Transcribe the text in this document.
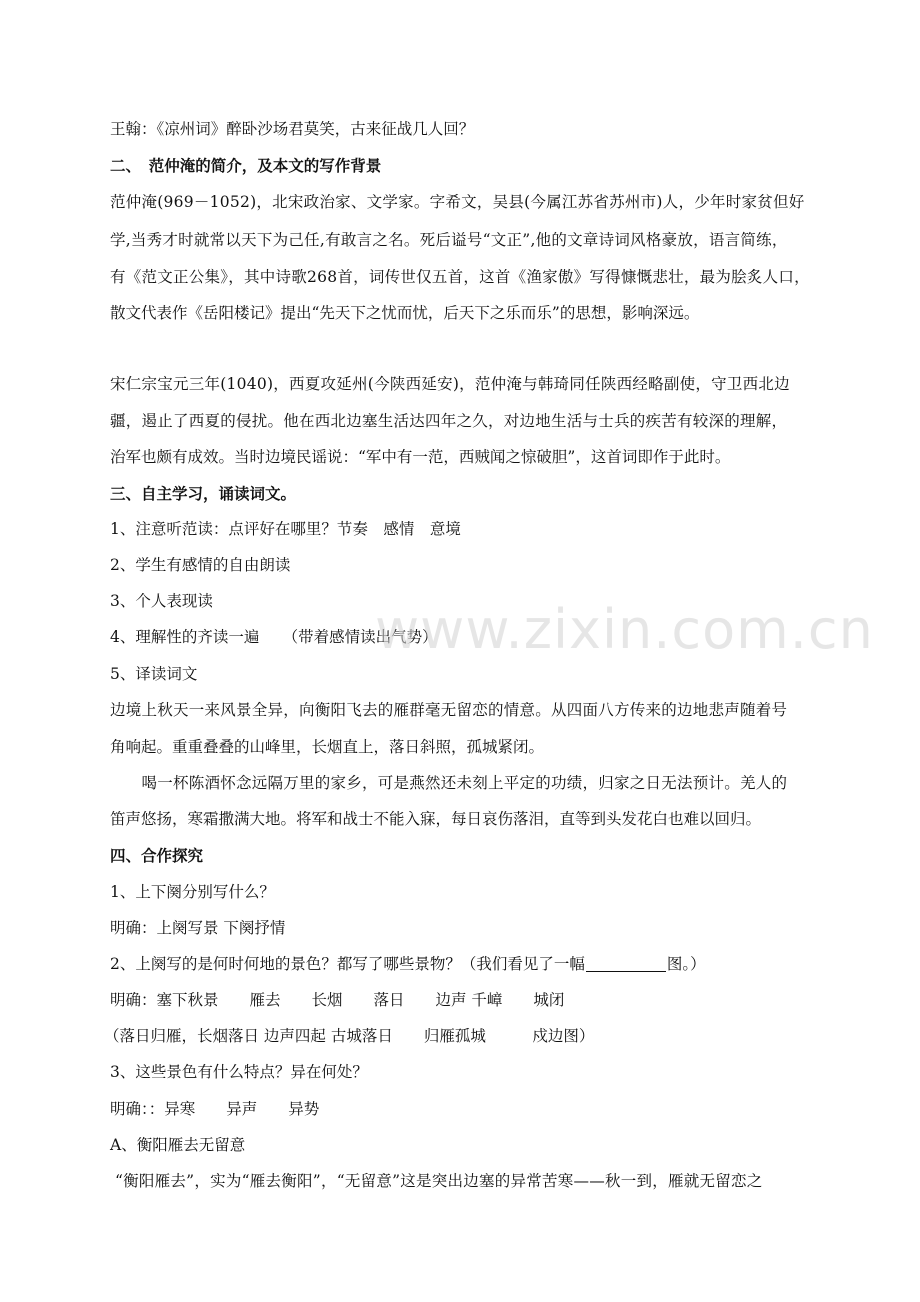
王翰：《凉州词》醉卧沙场君莫笑，古来征战几人回？

二、　范仲淹的简介，及本文的写作背景

范仲淹(969－1052)，北宋政治家、文学家。字希文，吴县(今属江苏省苏州市)人，少年时家贫但好

学,当秀才时就常以天下为己任,有敢言之名。死后谥号“文正”,他的文章诗词风格豪放，语言简练，

有《范文正公集》，其中诗歌268首，词传世仅五首，这首《渔家傲》写得慷慨悲壮，最为脍炙人口，

散文代表作《岳阳楼记》提出“先天下之忧而忧，后天下之乐而乐”的思想，影响深远。

宋仁宗宝元三年(1040)，西夏攻延州(今陕西延安)，范仲淹与韩琦同任陕西经略副使，守卫西北边

疆，遏止了西夏的侵扰。他在西北边塞生活达四年之久，对边地生活与士兵的疾苦有较深的理解，

治军也颇有成效。当时边境民谣说：“军中有一范，西贼闻之惊破胆”，这首词即作于此时。

三、自主学习，诵读词文。

1、注意听范读：点评好在哪里？节奏　感情　意境

2、学生有感情的自由朗读

3、个人表现读

4、理解性的齐读一遍　　（带着感情读出气势）

5、译读词文

边境上秋天一来风景全异，向衡阳飞去的雁群毫无留恋的情意。从四面八方传来的边地悲声随着号

角响起。重重叠叠的山峰里，长烟直上，落日斜照，孤城紧闭。

　　喝一杯陈酒怀念远隔万里的家乡，可是燕然还未刻上平定的功绩，归家之日无法预计。羌人的

笛声悠扬，寒霜撒满大地。将军和战士不能入寐，每日哀伤落泪，直等到头发花白也难以回归。

四、合作探究

1、上下阕分别写什么？

明确：上阕写景 下阕抒情

2、上阕写的是何时何地的景色？都写了哪些景物？（我们看见了一幅	图。）

明确：塞下秋景　　雁去　　长烟　　落日　　边声 千嶂　　城闭

（落日归雁，长烟落日 边声四起 古城落日　　归雁孤城　　　戍边图）

3、这些景色有什么特点？异在何处？

明确：：异寒　　异声　　异势

A、衡阳雁去无留意

“衡阳雁去”，实为“雁去衡阳”，“无留意”这是突出边塞的异常苦寒——秋一到，雁就无留恋之

www.zixin.com.cn
